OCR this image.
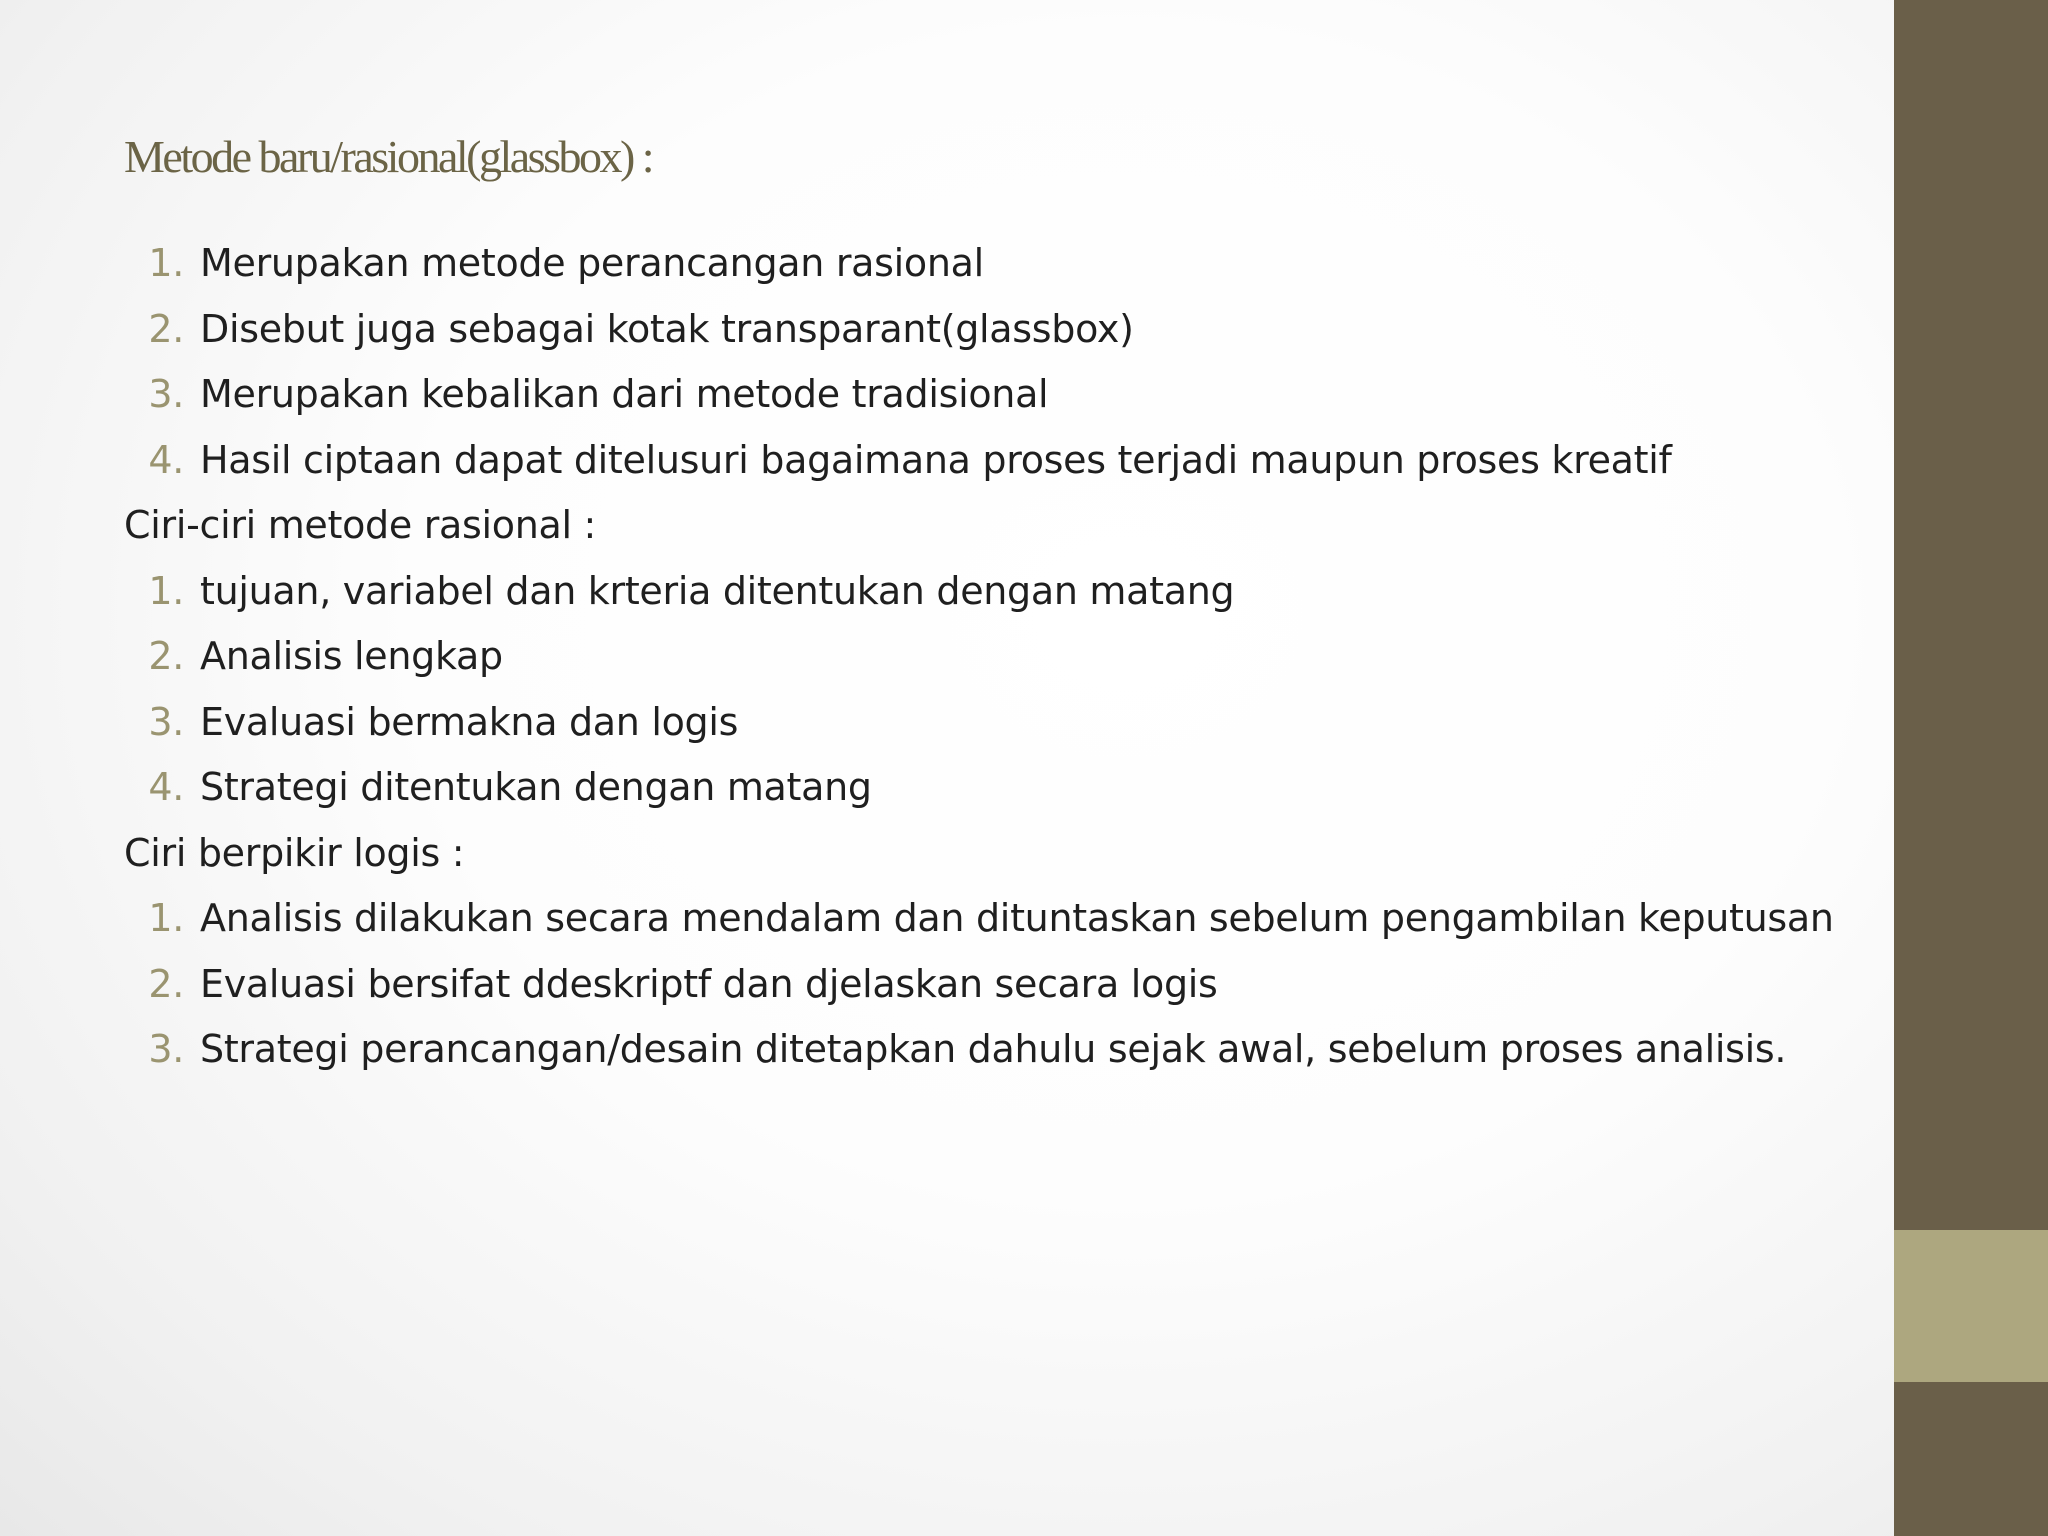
Metode baru/rasional(glassbox) :
1. Merupakan metode perancangan rasional
2. Disebut juga sebagai kotak transparant(glassbox)
3. Merupakan kebalikan dari metode tradisional
4. Hasil ciptaan dapat ditelusuri bagaimana proses terjadi maupun proses kreatif
Ciri-ciri metode rasional :
1. tujuan, variabel dan krteria ditentukan dengan matang
2. Analisis lengkap
3. Evaluasi bermakna dan logis
4. Strategi ditentukan dengan matang
Ciri berpikir logis :
1. Analisis dilakukan secara mendalam dan dituntaskan sebelum pengambilan keputusan
2. Evaluasi bersifat ddeskriptf dan djelaskan secara logis
3. Strategi perancangan/desain ditetapkan dahulu sejak awal, sebelum proses analisis.
